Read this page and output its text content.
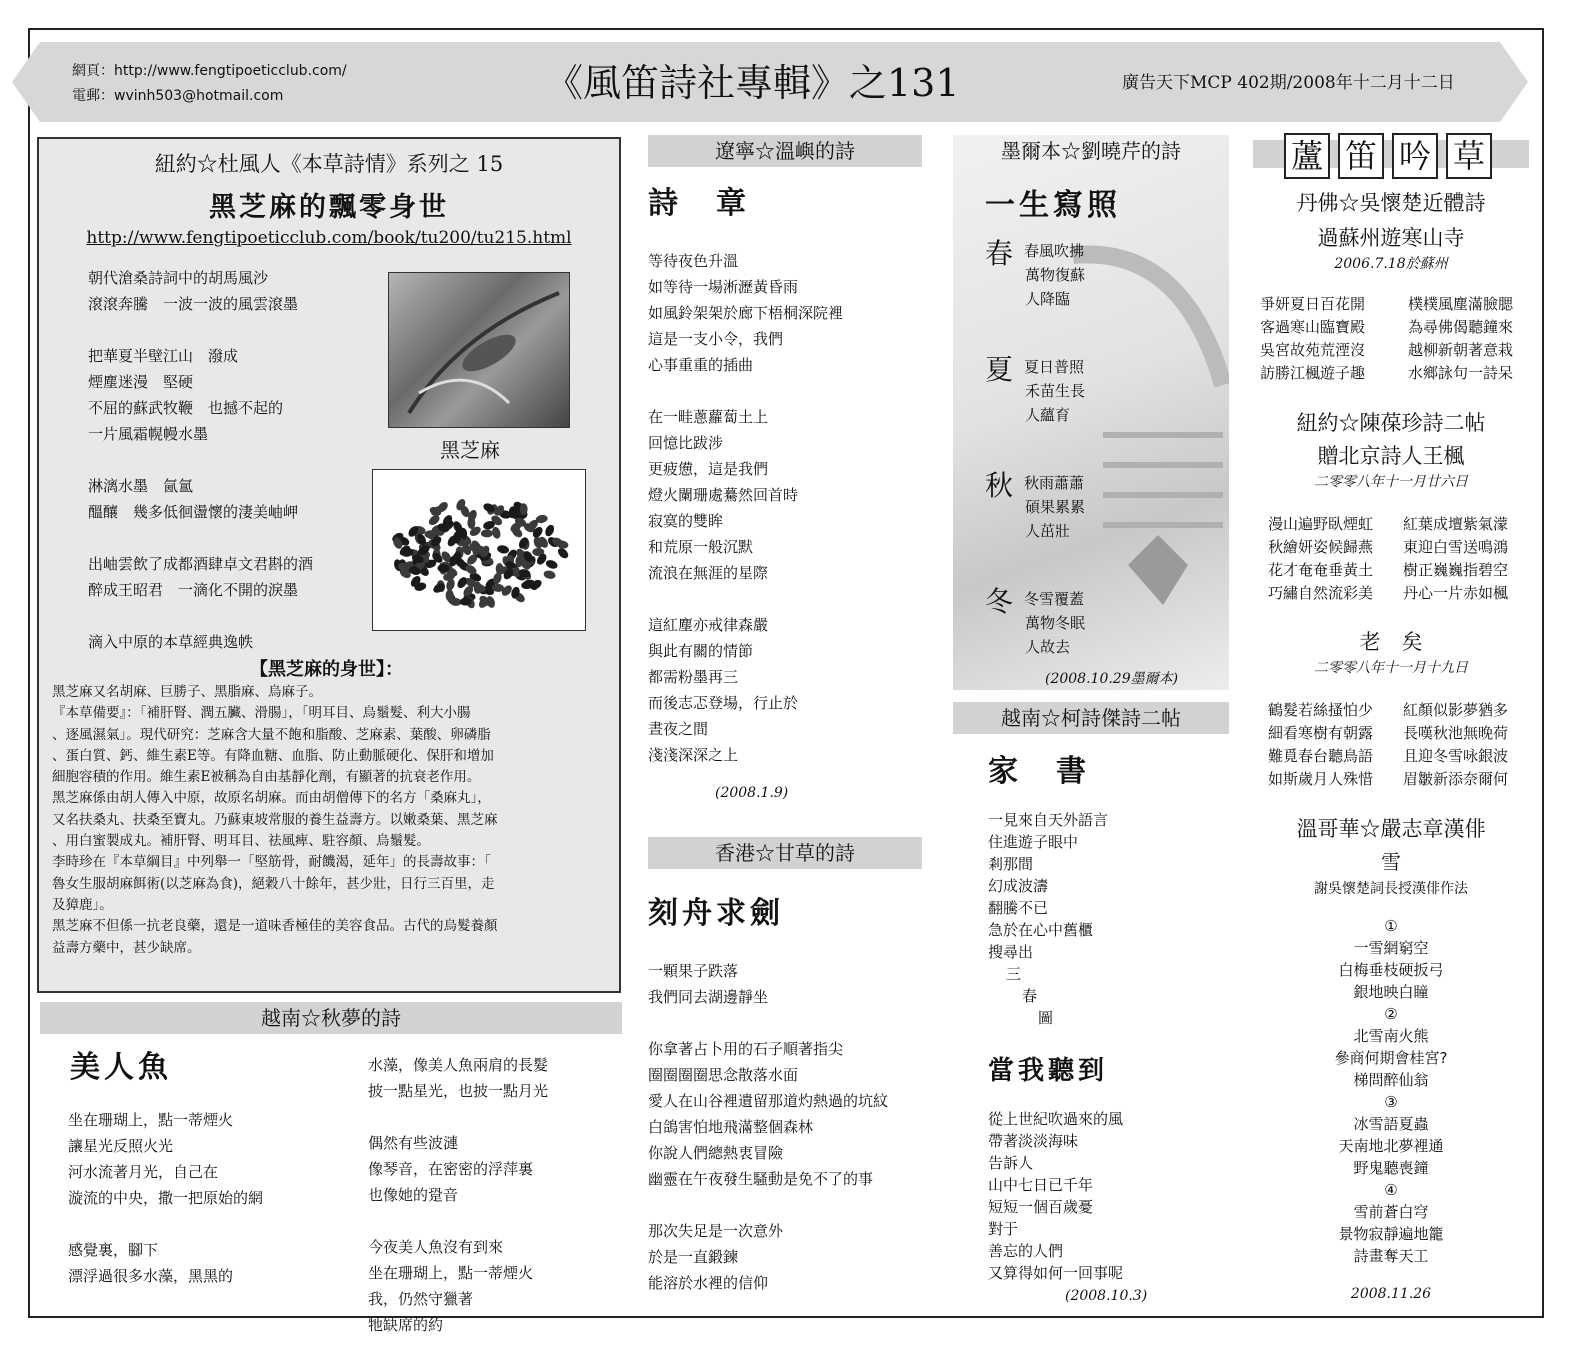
網頁：http://www.fengtipoeticclub.com/
電郵：wvinh503@hotmail.com	《風笛詩社專輯》之131	廣告天下MCP 402期/2008年十二月十二日
紐約☆杜風人《本草詩情》系列之 15
黑芝麻的飄零身世
http://www.fengtipoeticclub.com/book/tu200/tu215.html
朝代滄桑詩詞中的胡馬風沙
滾滾奔騰　一波一波的風雲滾墨

把華夏半壁江山　潑成
煙塵迷漫　堅硬
不屈的蘇武牧鞭　也撼不起的
一片風霜幌幔水墨

淋漓水墨　氤氳
醞釀　幾多低徊盪懷的淒美岫岬

出岫雲飲了成都酒肆卓文君斟的酒
醉成王昭君　一滴化不開的淚墨

滴入中原的本草經典逸帙
黑芝麻
【黑芝麻的身世】：
黑芝麻又名胡麻、巨勝子、黑脂麻、烏麻子。
『本草備要』：「補肝腎、潤五臟、滑腸」，「明耳目、烏鬚髮、利大小腸
、逐風濕氣」。現代研究：芝麻含大量不飽和脂酸、芝麻素、葉酸、卵磷脂
、蛋白質、鈣、維生素E等。有降血糖、血脂、防止動脈硬化、保肝和增加
細胞容積的作用。維生素E被稱為自由基靜化劑，有顯著的抗衰老作用。
黑芝麻係由胡人傳入中原，故原名胡麻。而由胡僧傳下的名方「桑麻丸」，
又名扶桑丸、扶桑至寶丸。乃蘇東坡常服的養生益壽方。以嫩桑葉、黑芝麻
、用白蜜製成丸。補肝腎、明耳目、祛風痺、駐容顏、烏鬚髮。
李時珍在『本草綱目』中列舉一「堅筋骨，耐饑渴，延年」的長壽故事：「
魯女生服胡麻餌術(以芝麻為食)，絕穀八十餘年，甚少壯，日行三百里，走
及獐鹿」。
黑芝麻不但係一抗老良藥，還是一道味香極佳的美容食品。古代的烏髮養顏
益壽方藥中，甚少缺席。
越南☆秋夢的詩
美人魚
坐在珊瑚上，點一蒂煙火
讓星光反照火光
河水流著月光，自己在
漩流的中央，撒一把原始的網

感覺裏，腳下
漂浮過很多水藻，黑黑的
水藻，像美人魚兩肩的長髮
披一點星光，也披一點月光

偶然有些波漣
像琴音，在密密的浮萍裏
也像她的跫音

今夜美人魚沒有到來
坐在珊瑚上，點一蒂煙火
我，仍然守獵著
牠缺席的約
遼寧☆溫嶼的詩
詩　章
等待夜色升溫
如等待一場淅瀝黃昏雨
如風鈴架架於廊下梧桐深院裡
這是一支小令，我們
心事重重的插曲

在一畦蔥蘿蔔土上
回憶比跋涉
更疲憊，這是我們
燈火闌珊處驀然回首時
寂寞的雙眸
和荒原一般沉默
流浪在無涯的星際

這紅塵亦戒律森嚴
與此有關的情節
都需粉墨再三
而後志忑登場，行止於
晝夜之間
淺淺深深之上
(2008.1.9)
香港☆甘草的詩
刻舟求劍
一顆果子跌落
我們同去湖邊靜坐

你拿著占卜用的石子順著指尖
圈圈圈圈思念散落水面
愛人在山谷裡遺留那道灼熱過的坑紋
白鴿害怕地飛滿整個森林
你說人們總熱衷冒險
幽靈在午夜發生騷動是免不了的事

那次失足是一次意外
於是一直鍛鍊
能溶於水裡的信仰
墨爾本☆劉曉芹的詩
一生寫照
春 春風吹拂
萬物復蘇
人降臨
夏 夏日普照
禾苗生長
人蘊育
秋 秋雨蕭蕭
碩果累累
人茁壯
冬 冬雪覆蓋
萬物冬眠
人故去
(2008.10.29墨爾本)
越南☆柯詩傑詩二帖
家　書
一見來自天外語言
住進遊子眼中
剎那間
幻成波濤
翻騰不已
急於在心中舊櫃
搜尋出
三
春
圖
當我聽到
從上世紀吹過來的風
帶著淡淡海味
告訴人
山中七日已千年
短短一個百歲憂
對于
善忘的人們
又算得如何一回事呢
(2008.10.3)
蘆 笛 吟 草
丹佛☆吳懷楚近體詩
過蘇州遊寒山寺
2006.7.18於蘇州
爭妍夏日百花開
客過寒山臨寶殿
吳宮故苑荒湮沒
訪勝江楓遊子趣
樸樸風塵滿臉腮
為尋佛偈聽鐘來
越柳新朝著意栽
水鄉詠句一詩呆
紐約☆陳葆珍詩二帖
贈北京詩人王楓
二零零八年十一月廿六日
漫山遍野臥煙虹
秋繪妍姿候歸燕
花才奄奄垂黃土
巧繡自然流彩美
紅葉成壇紫氣濛
東迎白雪送鳴鴻
樹正巍巍指碧空
丹心一片赤如楓
老　矣
二零零八年十一月十九日
鶴髮若絲搔怕少
細看寒樹有朝露
難覓春台聽鳥語
如斯歲月人殊惜
紅顏似影夢猶多
長嘆秋池無晚荷
且迎冬雪咏銀波
眉皺新添奈爾何
溫哥華☆嚴志章漢俳
雪
謝吳懷楚詞長授漢俳作法
①
一雪網窮空
白梅垂枝硬扳弓
銀地映白瞳
②
北雪南火熊
參商何期會桂宮?
梯問醉仙翁
③
冰雪語夏蟲
天南地北夢裡通
野鬼聽喪鐘
④
雪前蒼白穹
景物寂靜遍地籠
詩畫奪天工
2008.11.26
